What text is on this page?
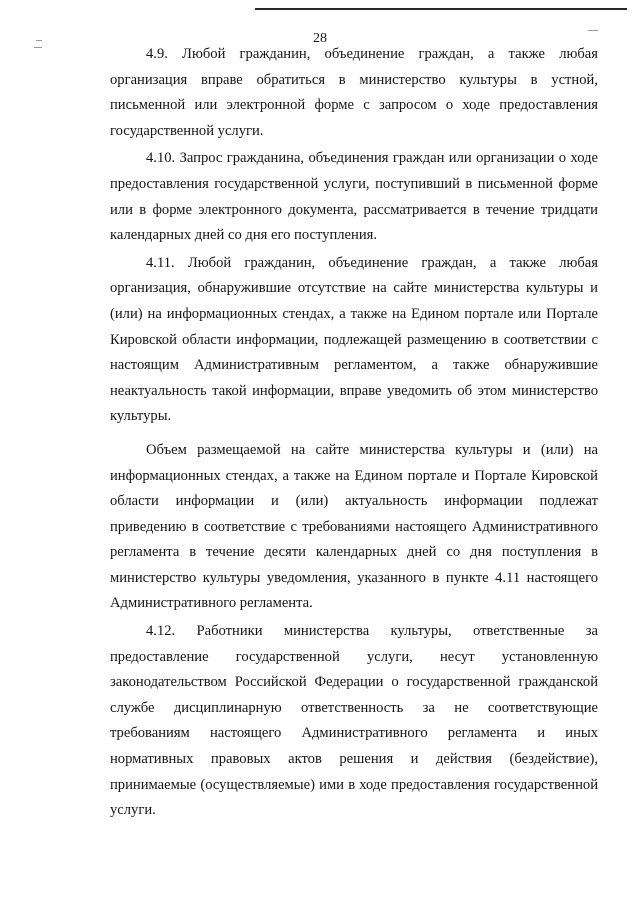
28

4.9. Любой гражданин, объединение граждан, а также любая организация вправе обратиться в министерство культуры в устной, письменной или электронной форме с запросом о ходе предоставления государственной услуги.

4.10. Запрос гражданина, объединения граждан или организации о ходе предоставления государственной услуги, поступивший в письменной форме или в форме электронного документа, рассматривается в течение тридцати календарных дней со дня его поступления.

4.11. Любой гражданин, объединение граждан, а также любая организация, обнаружившие отсутствие на сайте министерства культуры и (или) на информационных стендах, а также на Едином портале или Портале Кировской области информации, подлежащей размещению в соответствии с настоящим Административным регламентом, а также обнаружившие неактуальность такой информации, вправе уведомить об этом министерство культуры.

Объем размещаемой на сайте министерства культуры и (или) на информационных стендах, а также на Едином портале и Портале Кировской области информации и (или) актуальность информации подлежат приведению в соответствие с требованиями настоящего Административного регламента в течение десяти календарных дней со дня поступления в министерство культуры уведомления, указанного в пункте 4.11 настоящего Административного регламента.

4.12. Работники министерства культуры, ответственные за предоставление государственной услуги, несут установленную законодательством Российской Федерации о государственной гражданской службе дисциплинарную ответственность за не соответствующие требованиям настоящего Административного регламента и иных нормативных правовых актов решения и действия (бездействие), принимаемые (осуществляемые) ими в ходе предоставления государственной услуги.
